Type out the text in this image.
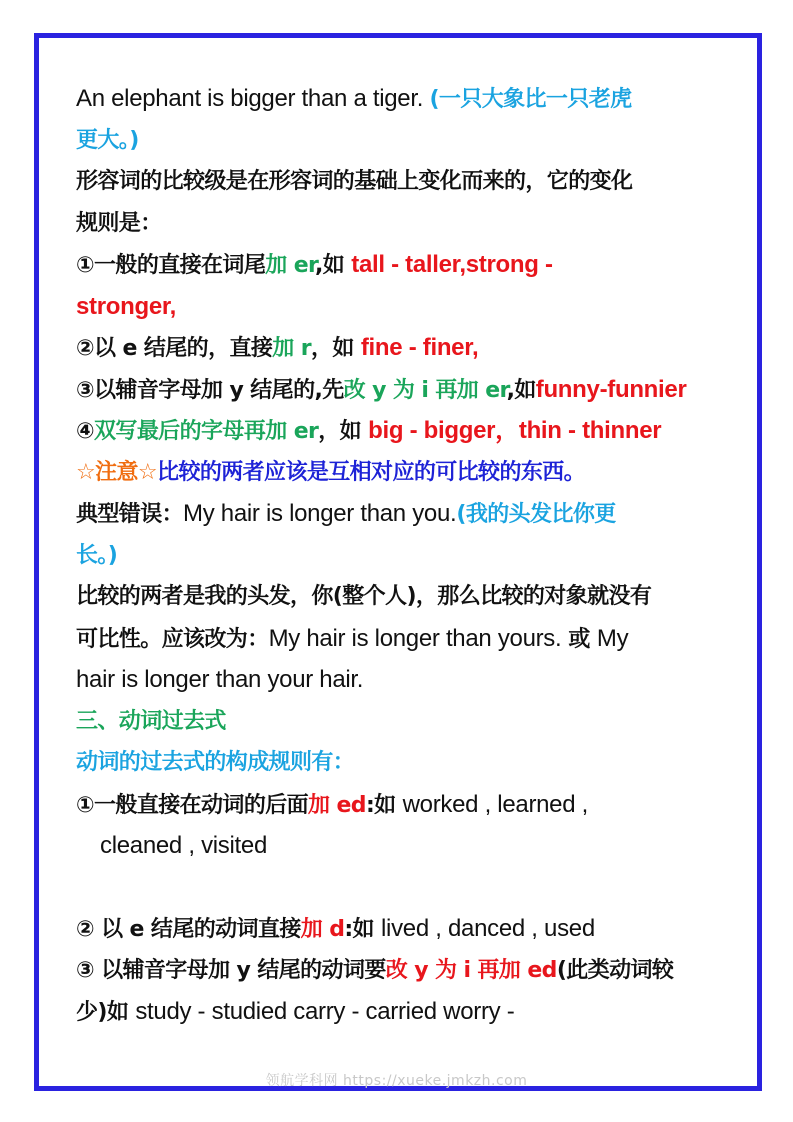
An elephant is bigger than a tiger. (一只大象比一只老虎
更大。)
形容词的比较级是在形容词的基础上变化而来的，它的变化
规则是：
①一般的直接在词尾加 er,如 tall - taller,strong -
stronger,
②以 e 结尾的，直接加 r，如 fine - finer,
③以辅音字母加 y 结尾的,先改 y 为 i 再加 er,如funny-funnier
④双写最后的字母再加 er，如 big - bigger，thin - thinner
☆注意☆比较的两者应该是互相对应的可比较的东西。
典型错误：My hair is longer than you.(我的头发比你更
长。)
比较的两者是我的头发，你(整个人)，那么比较的对象就没有
可比性。应该改为：My hair is longer than yours. 或 My
hair is longer than your hair.
三、动词过去式
动词的过去式的构成规则有：
①一般直接在动词的后面加 ed:如 worked , learned ,
cleaned , visited
② 以 e 结尾的动词直接加 d:如 lived , danced , used
③ 以辅音字母加 y 结尾的动词要改 y 为 i 再加 ed(此类动词较
少)如 study - studied carry - carried worry -
领航学科网 https://xueke.jmkzh.com
